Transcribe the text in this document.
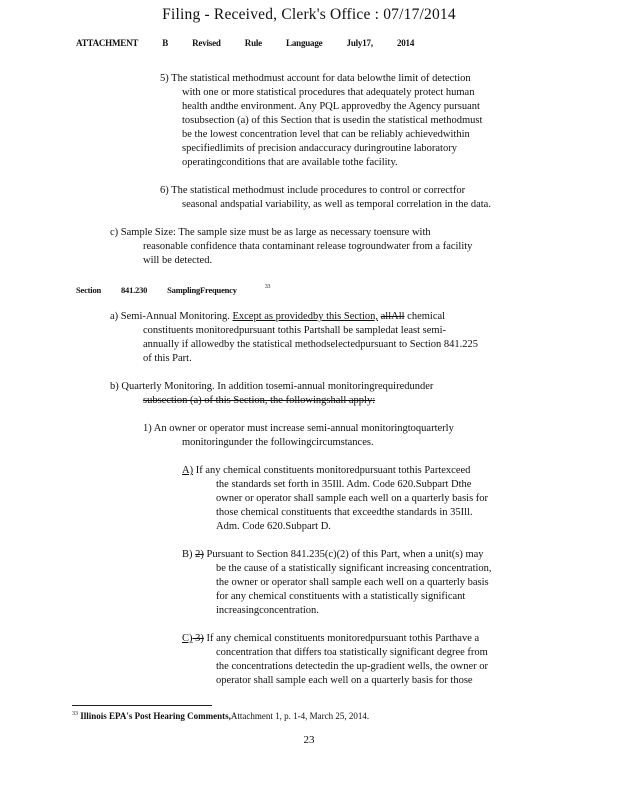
Filing - Received, Clerk's Office : 07/17/2014
ATTACHMENT	B	Revised	Rule	Language	July17,	2014
5) The statistical methodmust account for data belowthe limit of detection
with one or more statistical procedures that adequately protect human
health andthe environment. Any PQL approvedby the Agency pursuant
tosubsection (a) of this Section that is usedin the statistical methodmust
be the lowest concentration level that can be reliably achievedwithin
specifiedlimits of precision andaccuracy duringroutine laboratory
operatingconditions that are available tothe facility.
6) The statistical methodmust include procedures to control or correctfor
seasonal andspatial variability, as well as temporal correlation in the data.
c) Sample Size: The sample size must be as large as necessary toensure with
reasonable confidence thata contaminant release togroundwater from a facility
will be detected.
Section 841.230 SamplingFrequency	$^{33}$
a) Semi-Annual Monitoring. Except as providedby this Section, allAll chemical
constituents monitoredpursuant tothis Partshall be sampledat least semi-
annually if allowedby the statistical methodselectedpursuant to Section 841.225
of this Part.
b) Quarterly Monitoring. In addition tosemi-annual monitoringrequiredunder
subsection (a) of this Section, the followingshall apply:
1) An owner or operator must increase semi-annual monitoringtoquarterly
monitoringunder the followingcircumstances.
A) If any chemical constituents monitoredpursuant tothis Partexceed
the standards set forth in 35Ill. Adm. Code 620.Subpart Dthe
owner or operator shall sample each well on a quarterly basis for
those chemical constituents that exceedthe standards in 35Ill.
Adm. Code 620.Subpart D.
B) 2) Pursuant to Section 841.235(c)(2) of this Part, when a unit(s) may
be the cause of a statistically significant increasing concentration,
the owner or operator shall sample each well on a quarterly basis
for any chemical constituents with a statistically significant
increasingconcentration.
C) 3) If any chemical constituents monitoredpursuant tothis Parthave a
concentration that differs toa statistically significant degree from
the concentrations detectedin the up-gradient wells, the owner or
operator shall sample each well on a quarterly basis for those
$^{33}$ Illinois EPA's Post Hearing Comments,Attachment 1, p. 1-4, March 25, 2014.
23
